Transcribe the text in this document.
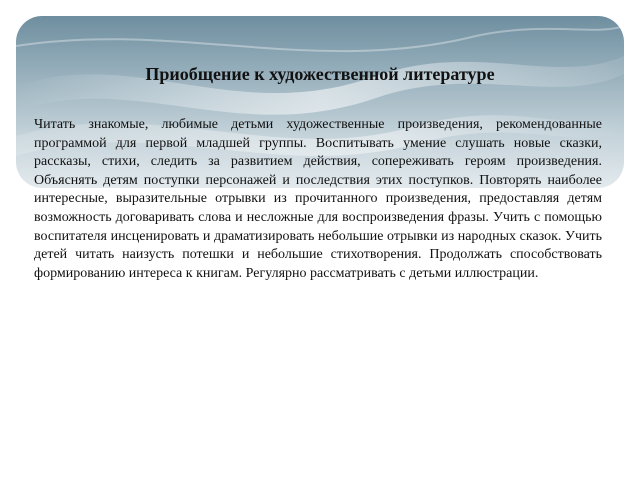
Приобщение к художественной литературе

Читать знакомые, любимые детьми художественные произведения, рекомендованные программой для первой младшей группы. Воспитывать умение слушать новые сказки, рассказы, стихи, следить за развитием действия, сопереживать героям произведения. Объяснять детям поступки персонажей и последствия этих поступков. Повторять наиболее интересные, выразительные отрывки из прочитанного произведения, предоставляя детям возможность договаривать слова и несложные для воспроизведения фразы. Учить с помощью воспитателя инсценировать и драматизировать небольшие отрывки из народных сказок. Учить детей читать наизусть потешки и небольшие стихотворения. Продолжать способствовать формированию интереса к книгам. Регулярно рассматривать с детьми иллюстрации.
